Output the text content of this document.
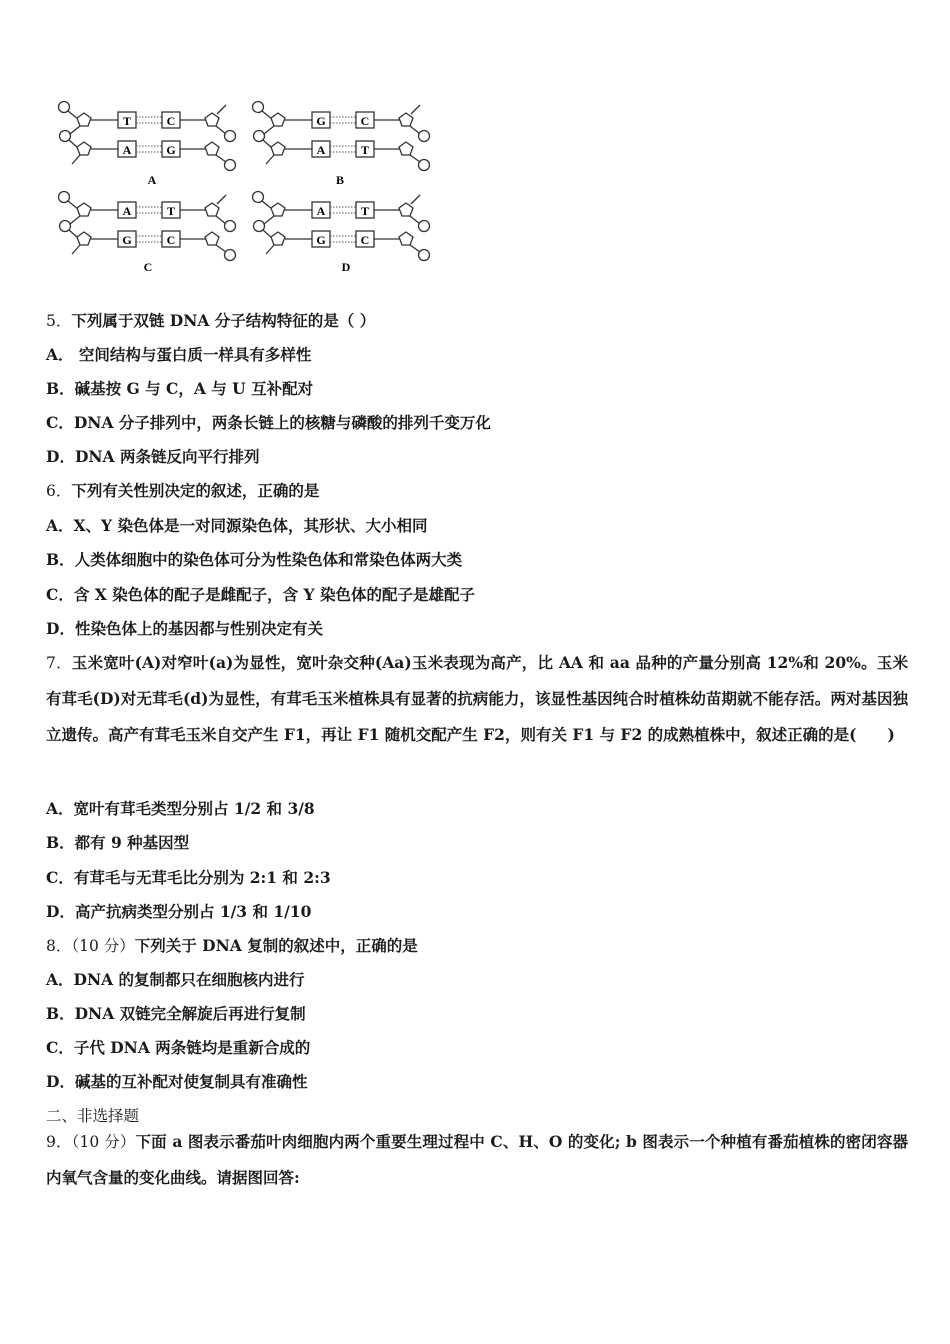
T	C
A	G
A
G	C
A	T
B
A	T
G	C
C
A	T
G	C
D
5．下列属于双链 DNA 分子结构特征的是（ ）
A． 空间结构与蛋白质一样具有多样性
B．碱基按 G 与 C，A 与 U 互补配对
C．DNA 分子排列中，两条长链上的核糖与磷酸的排列千变万化
D．DNA 两条链反向平行排列
6．下列有关性别决定的叙述，正确的是
A．X、Y 染色体是一对同源染色体，其形状、大小相同
B．人类体细胞中的染色体可分为性染色体和常染色体两大类
C．含 X 染色体的配子是雌配子，含 Y 染色体的配子是雄配子
D．性染色体上的基因都与性别决定有关
7．玉米宽叶(A)对窄叶(a)为显性，宽叶杂交种(Aa)玉米表现为高产，比 AA 和 aa 品种的产量分别高 12%和 20%。玉米有茸毛(D)对无茸毛(d)为显性，有茸毛玉米植株具有显著的抗病能力，该显性基因纯合时植株幼苗期就不能存活。两对基因独立遗传。高产有茸毛玉米自交产生 F1，再让 F1 随机交配产生 F2，则有关 F1 与 F2 的成熟植株中，叙述正确的是(　　)
A．宽叶有茸毛类型分别占 1/2 和 3/8
B．都有 9 种基因型
C．有茸毛与无茸毛比分别为 2:1 和 2:3
D．高产抗病类型分别占 1/3 和 1/10
8．（10 分）下列关于 DNA 复制的叙述中，正确的是
A．DNA 的复制都只在细胞核内进行
B．DNA 双链完全解旋后再进行复制
C．子代 DNA 两条链均是重新合成的
D．碱基的互补配对使复制具有准确性
二、非选择题
9．（10 分）下面 a 图表示番茄叶肉细胞内两个重要生理过程中 C、H、O 的变化; b 图表示一个种植有番茄植株的密闭容器内氧气含量的变化曲线。请据图回答:
